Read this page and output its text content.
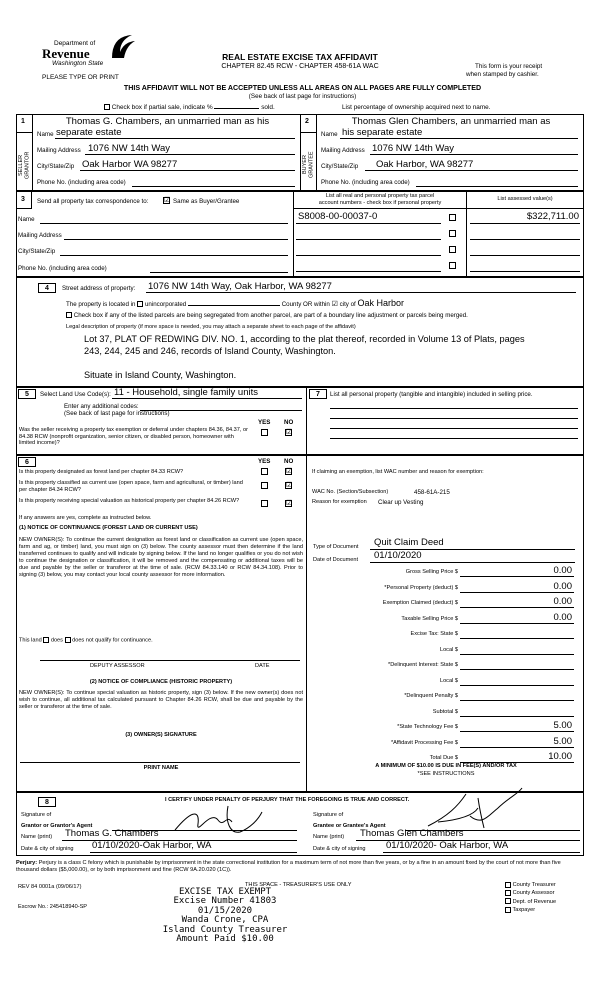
Department of
Revenue
Washington State
PLEASE TYPE OR PRINT
REAL ESTATE EXCISE TAX AFFIDAVIT
CHAPTER 82.45 RCW - CHAPTER 458-61A WAC	This form is your receipt
when stamped by cashier.
THIS AFFIDAVIT WILL NOT BE ACCEPTED UNLESS ALL AREAS ON ALL PAGES ARE FULLY COMPLETED
(See back of last page for instructions)
Check box if partial sale, indicate %	sold.	List percentage of ownership acquired next to name.
1	2
SELLER GRANTOR	BUYER GRANTEE
Thomas G. Chambers, an unmarried man as his
Name separate estate
Mailing Address 1076 NW 14th Way
City/State/Zip Oak Harbor WA 98277
Phone No. (including area code)
Thomas Glen Chambers, an unmarried man as
Name his separate estate
Mailing Address 1076 NW 14th Way
City/State/Zip Oak Harbor, WA 98277
Phone No. (including area code)
3 Send all property tax correspondence to: ☑ Same as Buyer/Grantee
List all real and personal property tax parcel
account numbers - check box if personal property
List assessed value(s)
Name
Mailing Address
City/State/Zip
Phone No. (including area code)
S8008-00-00037-0	$322,711.00
4	Street address of property: 1076 NW 14th Way, Oak Harbor, WA 98277
The property is located in unincorporated	County OR within ☑ city of Oak Harbor
Check box if any of the listed parcels are being segregated from another parcel, are part of a boundary line adjustment or parcels being merged.
Legal description of property (if more space is needed, you may attach a separate sheet to each page of the affidavit)
Lot 37, PLAT OF REDWING DIV. NO. 1, according to the plat thereof, recorded in Volume 13 of Plats, pages
243, 244, 245 and 246, records of Island County, Washington.
Situate in Island County, Washington.
5	Select Land Use Code(s): 11 - Household, single family units
Enter any additional codes:
(See back of last page for instructions)
YES NO
Was the seller receiving a property tax exemption or deferral under chapters 84.36, 84.37, or 84.38 RCW (nonprofit organization, senior citizen, or disabled person, homeowner with limited income)?
☑
7	List all personal property (tangible and intangible) included in selling price.
6	YES NO
Is this property designated as forest land per chapter 84.33 RCW?	☑
Is this property classified as current use (open space, farm and agricultural, or timber) land per chapter 84.34 RCW?
☑
Is this property receiving special valuation as historical property per chapter 84.26 RCW?	☑
If any answers are yes, complete as instructed below.
(1) NOTICE OF CONTINUANCE (FOREST LAND OR CURRENT USE)
NEW OWNER(S): To continue the current designation as forest land or classification as current use (open space, farm and ag, or timber) land, you must sign on (3) below. The county assessor must then determine if the land transferred continues to qualify and will indicate by signing below. If the land no longer qualifies or you do not wish to continue the designation or classification, it will be removed and the compensating or additional taxes will be due and payable by the seller or transferor at the time of sale. (RCW 84.33.140 or RCW 84.34.108). Prior to signing (3) below, you may contact your local county assessor for more information.
This land does does not qualify for continuance.
DEPUTY ASSESSOR	DATE
(2) NOTICE OF COMPLIANCE (HISTORIC PROPERTY)
NEW OWNER(S): To continue special valuation as historic property, sign (3) below. If the new owner(s) does not wish to continue, all additional tax calculated pursuant to Chapter 84.26 RCW, shall be due and payable by the seller or transferor at the time of sale.
(3) OWNER(S) SIGNATURE
PRINT NAME
If claiming an exemption, list WAC number and reason for exemption:
WAC No. (Section/Subsection)	458-61A-215
Reason for exemption Clear up Vesting
Type of Document Quit Claim Deed
Date of Document 01/10/2020
Gross Selling Price $	0.00
*Personal Property (deduct) $	0.00
Exemption Claimed (deduct) $	0.00
Taxable Selling Price $	0.00
Excise Tax: State $
Local $
*Delinquent Interest: State $
Local $
*Delinquent Penalty $
Subtotal $
*State Technology Fee $	5.00
*Affidavit Processing Fee $	5.00
Total Due $	10.00
A MINIMUM OF $10.00 IS DUE IN FEE(S) AND/OR TAX
*SEE INSTRUCTIONS
8	I CERTIFY UNDER PENALTY OF PERJURY THAT THE FOREGOING IS TRUE AND CORRECT.
Signature of
Grantor or Grantor's Agent
Name (print) Thomas G. Chambers
Date & city of signing 01/10/2020-Oak Harbor, WA
Signature of
Grantee or Grantee's Agent
Name (print) Thomas Glen Chambers
Date & city of signing 01/10/2020- Oak Harbor, WA
Perjury: Perjury is a class C felony which is punishable by imprisonment in the state correctional institution for a maximum term of not more than five years, or by a fine in an amount fixed by the court of not more than five thousand dollars ($5,000.00), or by both imprisonment and fine (RCW 9A.20.020 (1C)).
REV 84 0001a (09/06/17)
Escrow No.: 245418940-SP
THIS SPACE - TREASURER'S USE ONLY
EXCISE TAX EXEMPT
Excise Number 41803
01/15/2020
Wanda Crone, CPA
Island County Treasurer
Amount Paid $10.00
County Treasurer
County Assessor
Dept. of Revenue
Taxpayer
